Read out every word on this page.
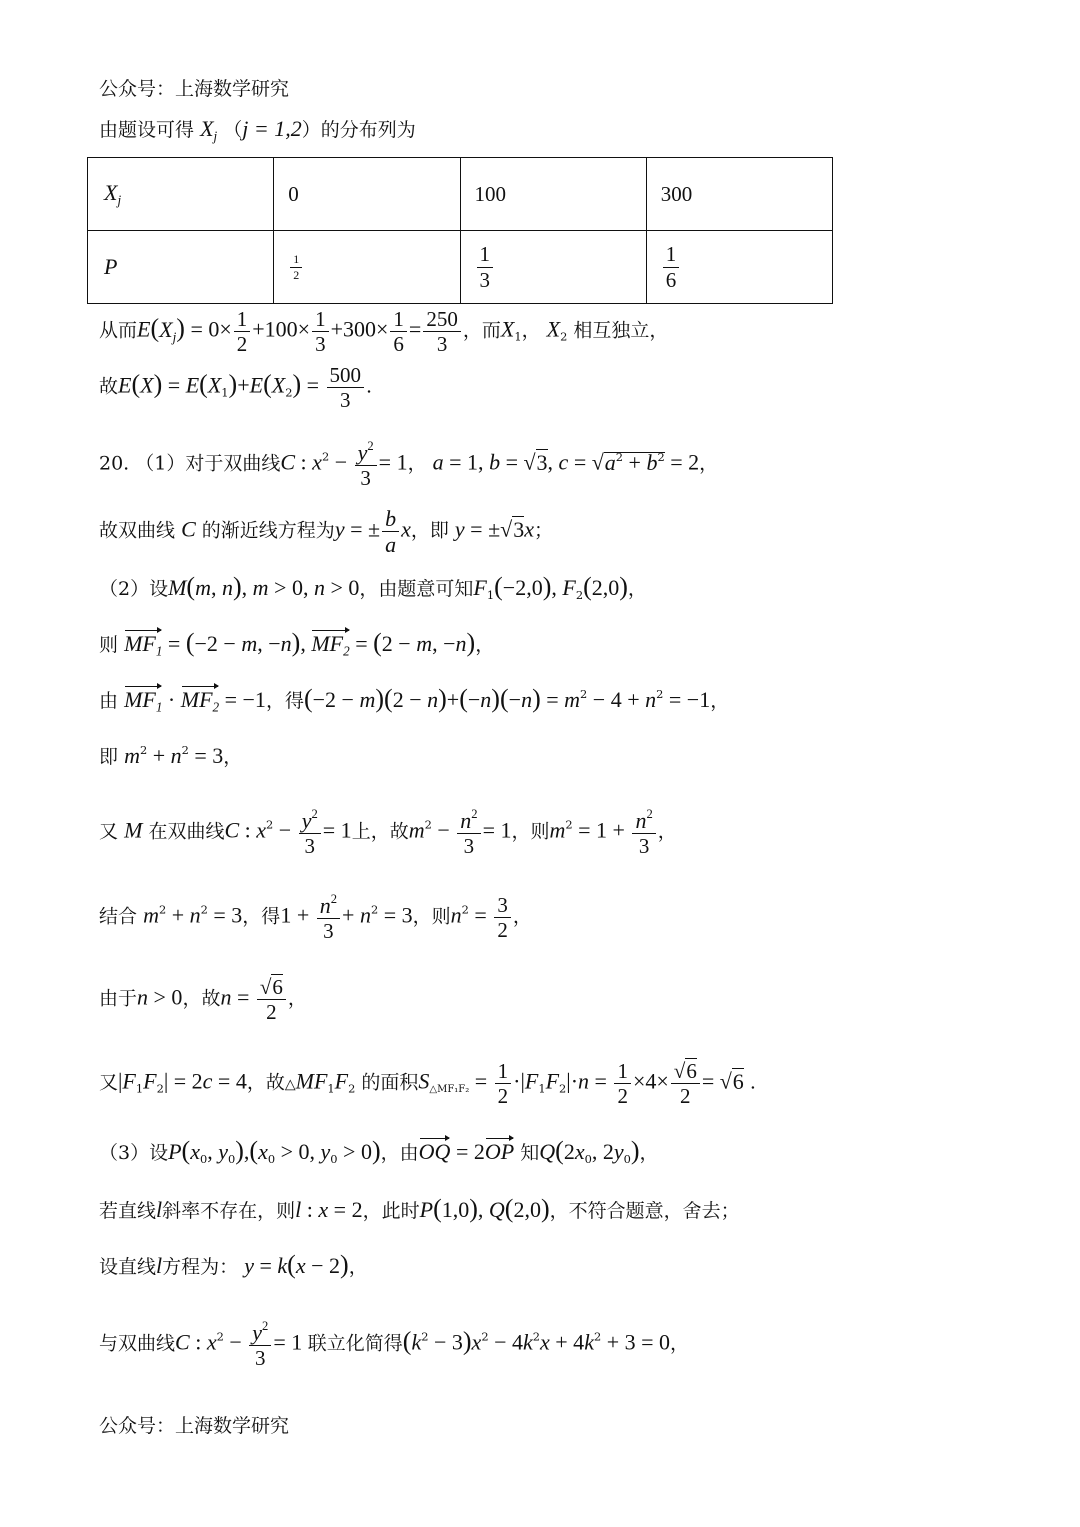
公众号：上海数学研究
由题设可得 $X_j$ （j = 1,2）的分布列为
$X_j$	0	100	300
P	$\frac{1}{2}$	$\frac{1}{3}$	$\frac{1}{6}$
从而$E(X_j) = 0\times \frac{1}{2} +100\times \frac{1}{3} +300\times \frac{1}{6} = \frac{250}{3}$ ，而$X_1$， $X_2$ 相互独立，
故$E(X) = E(X_1)+E(X_2) = \frac{500}{3}$ .
20. （1）对于双曲线C : $x^2 - \frac{y^2}{3} = 1$， a = 1, b = √3, $c = √a^2 + b^2 = 2$，
故双曲线 C 的渐近线方程为y = ± $\frac{b}{a}$ x，即 y = ±√3x；
（2）设M(m, n), m > 0, n > 0，由题意可知$F_1(-2,0)$, $F_2(2,0)$，
则 $MF_1 = (-2 - m$, −n), $MF_2 = (2 - m$, −n)，
由 $MF_1 \cdot MF_2 = -1$，得$(-2 - m)(2 - n)+(-n)(-n) = m^2 - 4 + n^2 = -1$，
即 $m^2 + n^2 = 3$，
又 M 在双曲线C : $x^2 - \frac{y^2}{3} = 1$上，故$m^2 - \frac{n^2}{3} = 1$，则$m^2 = 1 + \frac{n^2}{3}$ ，
结合 $m^2 + n^2 = 3$，得$1 + \frac{n^2}{3} + n^2 = 3$，则$n^2 = \frac{3}{2}$ ，
由于n > 0，故$n = \frac{√6}{2}$ ，
又$|F_1F_2| = 2c = 4$，故$\triangle MF_1F_2$ 的面积$S_{\triangle MF_1F_2} = \frac{1}{2} \cdot|F_1F_2|\cdot n = \frac{1}{2} \times 4\times \frac{√6}{2} = √6$ .
（3）设$P(x_0$, $y_0),(x_0 > 0$, $y_0 > 0$)，由OQ = 2OP 知$Q(2x_0$, $2y_0$)，
若直线l斜率不存在，则l : x = 2，此时P(1,0), Q(2,0)，不符合题意，舍去；
设直线l方程为： y = k(x − 2)，
与双曲线C : $x^2 - \frac{y^2}{3} = 1$ 联立化简得$(k^2 - 3)x^2 - 4k^2x + 4k^2 + 3 = 0$，
公众号：上海数学研究
